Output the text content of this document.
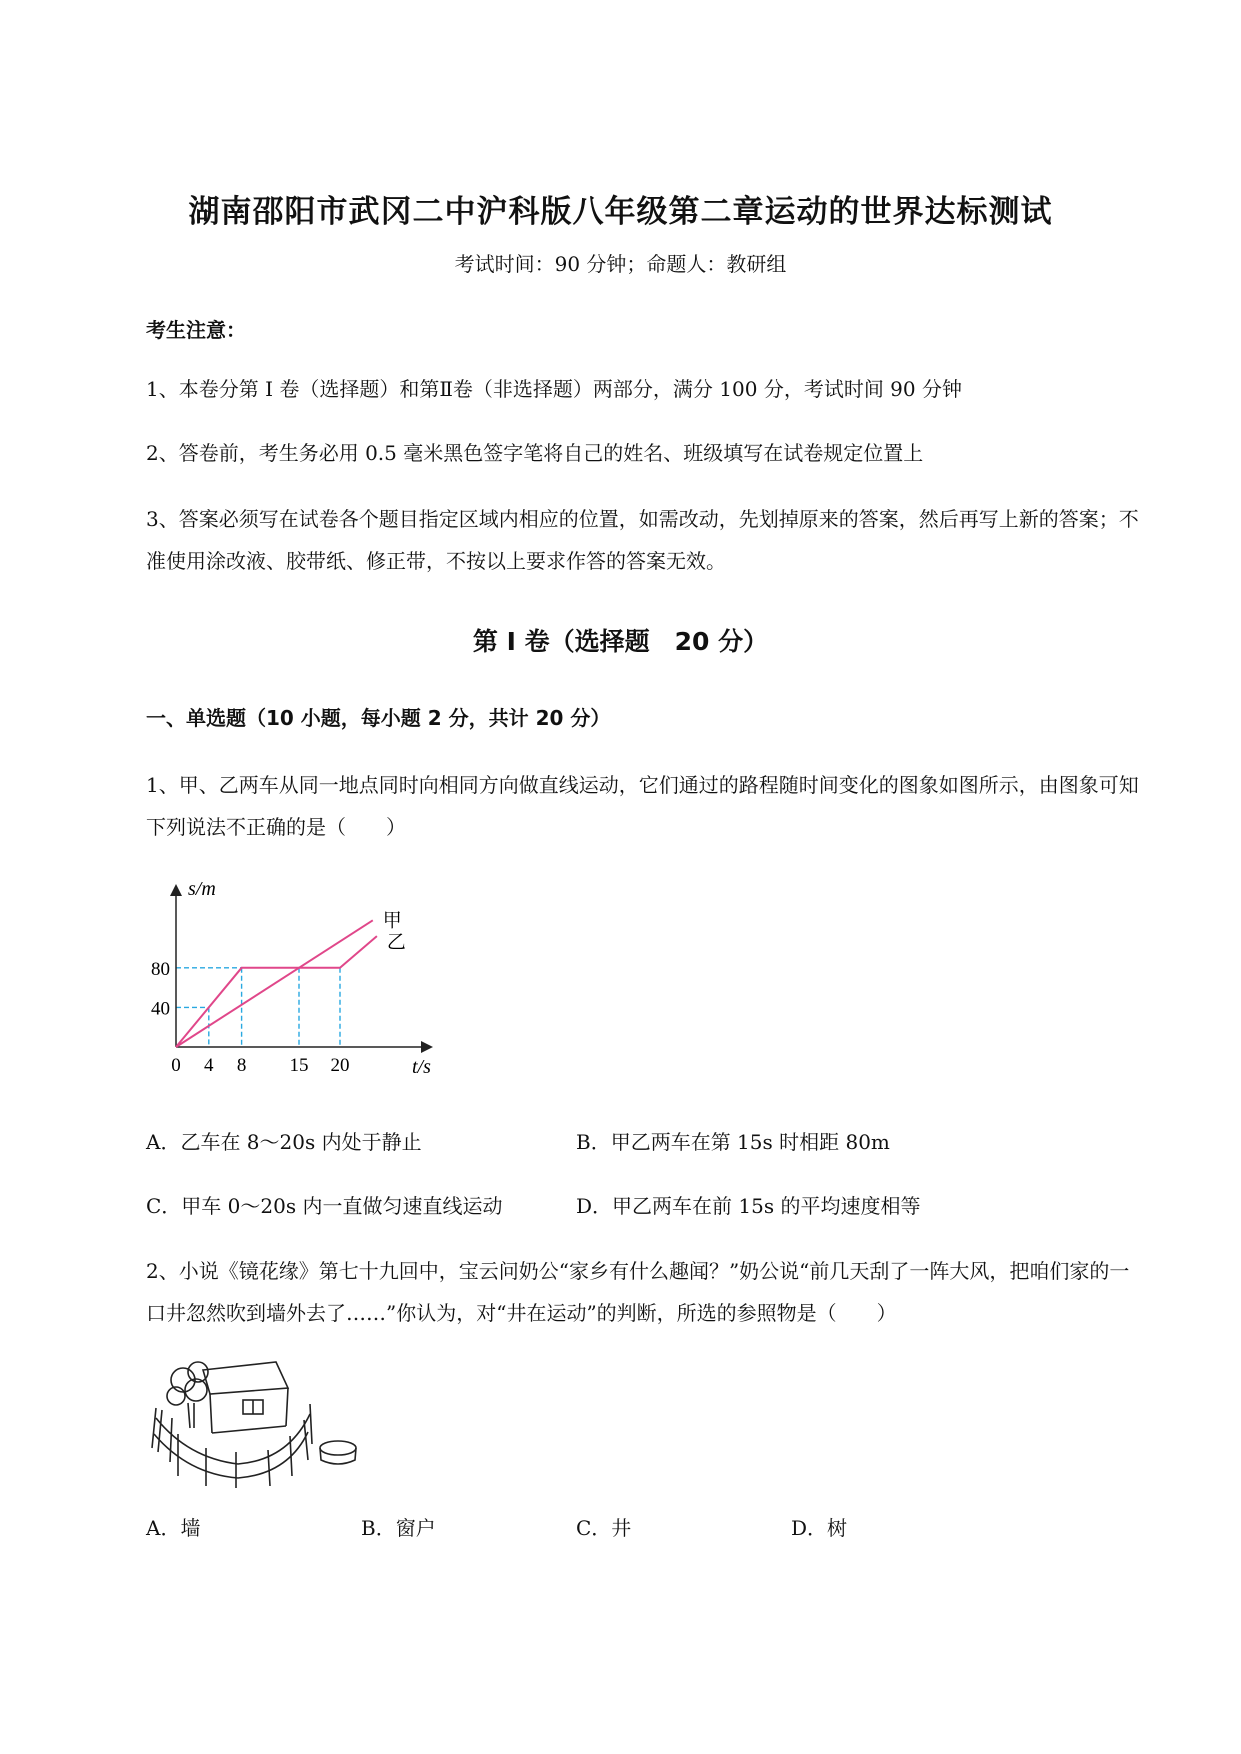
湖南邵阳市武冈二中沪科版八年级第二章运动的世界达标测试
考试时间：90 分钟；命题人：教研组
考生注意：
1、本卷分第 I 卷（选择题）和第Ⅱ卷（非选择题）两部分，满分 100 分，考试时间 90 分钟
2、答卷前，考生务必用 0.5 毫米黑色签字笔将自己的姓名、班级填写在试卷规定位置上
3、答案必须写在试卷各个题目指定区域内相应的位置，如需改动，先划掉原来的答案，然后再写上新的答案；不准使用涂改液、胶带纸、修正带，不按以上要求作答的答案无效。
第 I 卷（选择题　20 分）
一、单选题（10 小题，每小题 2 分，共计 20 分）
1、甲、乙两车从同一地点同时向相同方向做直线运动，它们通过的路程随时间变化的图象如图所示，由图象可知下列说法不正确的是（　　）
甲
乙
0 4 8 15 20
40
80
s/m
t/s
A．乙车在 8～20s 内处于静止	B．甲乙两车在第 15s 时相距 80m
C．甲车 0～20s 内一直做匀速直线运动	D．甲乙两车在前 15s 的平均速度相等
2、小说《镜花缘》第七十九回中，宝云问奶公“家乡有什么趣闻？”奶公说“前几天刮了一阵大风，把咱们家的一口井忽然吹到墙外去了……”你认为，对“井在运动”的判断，所选的参照物是（　　）
A．墙	B．窗户	C．井	D．树
